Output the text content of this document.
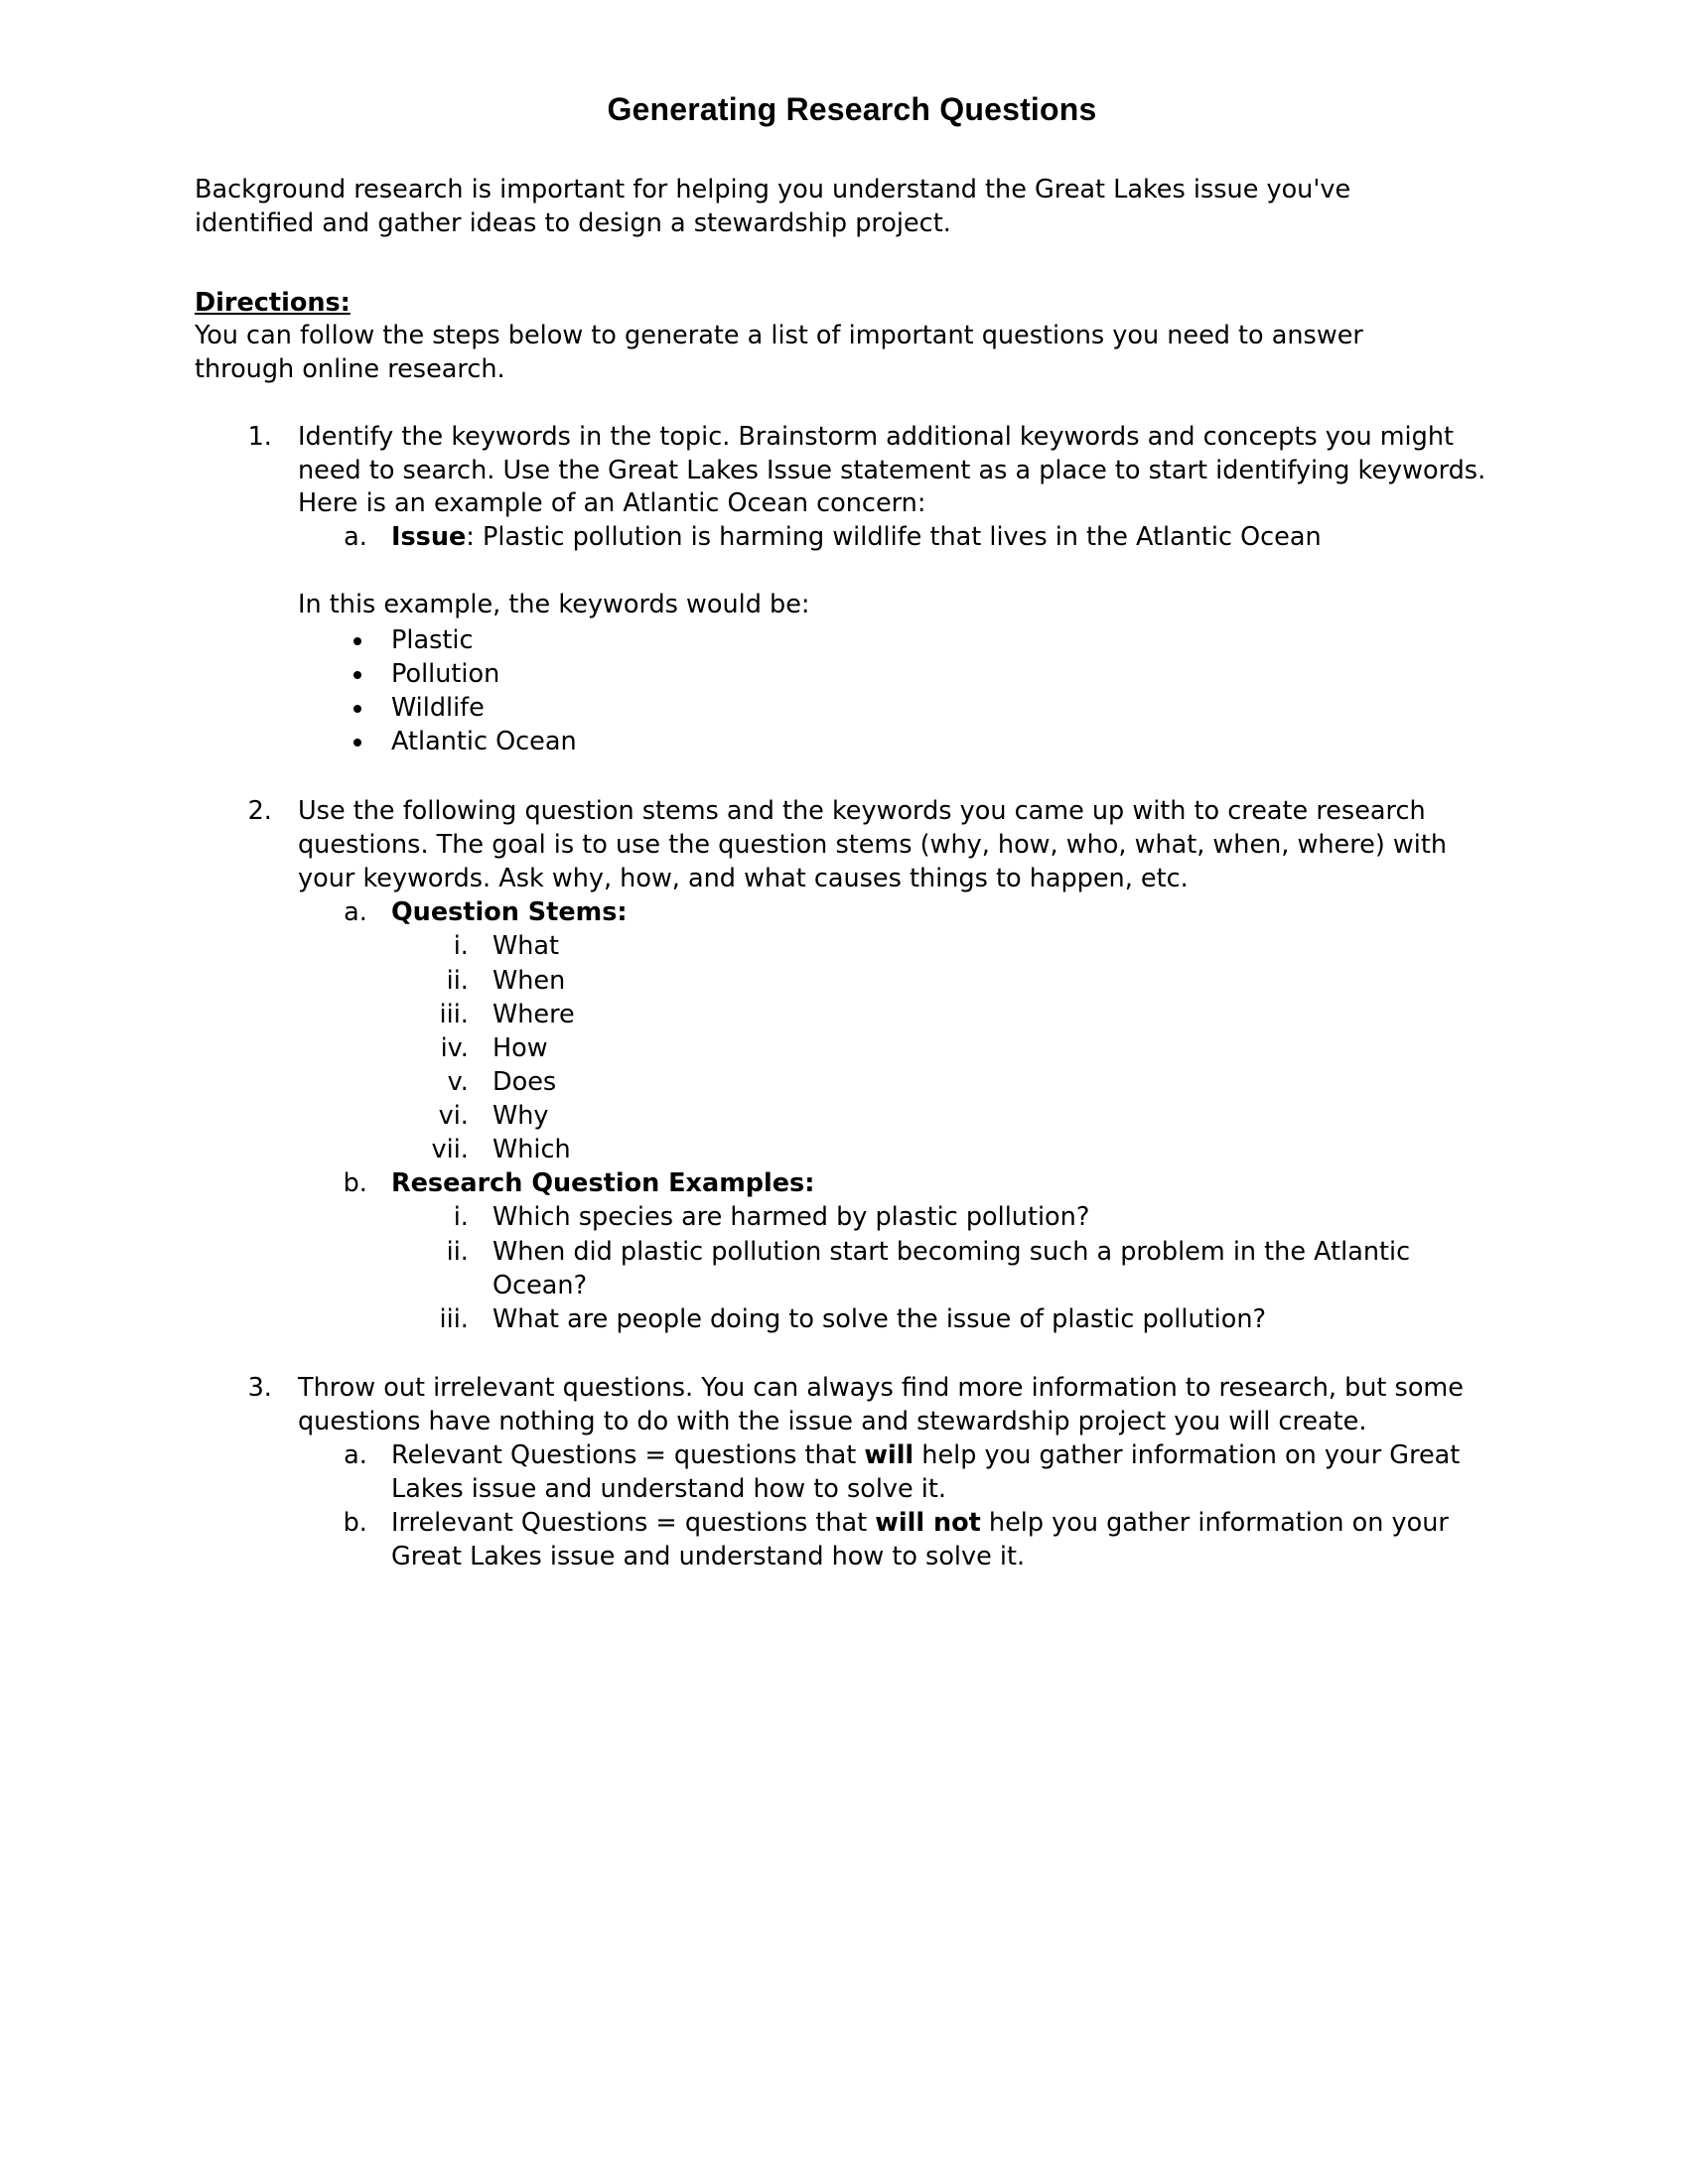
Generating Research Questions

Background research is important for helping you understand the Great Lakes issue you've identified and gather ideas to design a stewardship project.

Directions:

You can follow the steps below to generate a list of important questions you need to answer through online research.

1. Identify the keywords in the topic. Brainstorm additional keywords and concepts you might need to search. Use the Great Lakes Issue statement as a place to start identifying keywords. Here is an example of an Atlantic Ocean concern:
a. Issue: Plastic pollution is harming wildlife that lives in the Atlantic Ocean
In this example, the keywords would be:
• Plastic
• Pollution
• Wildlife
• Atlantic Ocean
2. Use the following question stems and the keywords you came up with to create research questions. The goal is to use the question stems (why, how, who, what, when, where) with your keywords. Ask why, how, and what causes things to happen, etc.
a. Question Stems:
i. What
ii. When
iii. Where
iv. How
v. Does
vi. Why
vii. Which
b. Research Question Examples:
i. Which species are harmed by plastic pollution?
ii. When did plastic pollution start becoming such a problem in the Atlantic Ocean?
iii. What are people doing to solve the issue of plastic pollution?
3. Throw out irrelevant questions. You can always find more information to research, but some questions have nothing to do with the issue and stewardship project you will create.
a. Relevant Questions = questions that will help you gather information on your Great Lakes issue and understand how to solve it.
b. Irrelevant Questions = questions that will not help you gather information on your Great Lakes issue and understand how to solve it.
